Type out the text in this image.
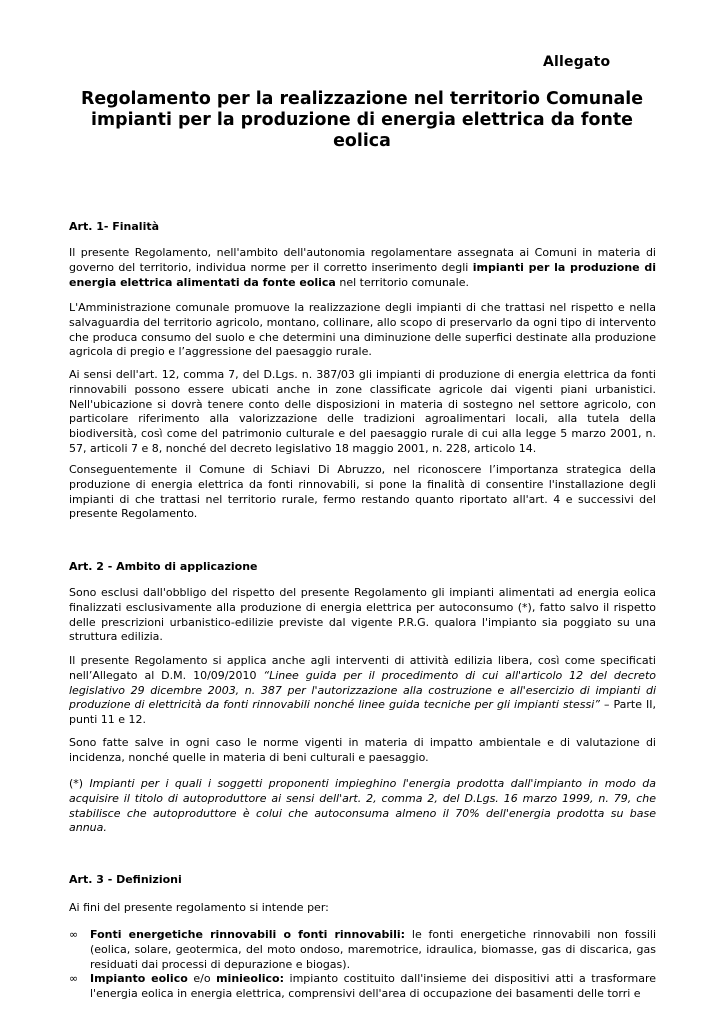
Allegato
Regolamento per la realizzazione nel territorio Comunale impianti per la produzione di energia elettrica da fonte eolica
Art. 1- Finalità

Il presente Regolamento, nell'ambito dell'autonomia regolamentare assegnata ai Comuni in materia di governo del territorio, individua norme per il corretto inserimento degli impianti per la produzione di energia elettrica alimentati da fonte eolica nel territorio comunale.

L'Amministrazione comunale promuove la realizzazione degli impianti di che trattasi nel rispetto e nella salvaguardia del territorio agricolo, montano, collinare, allo scopo di preservarlo da ogni tipo di intervento che produca consumo del suolo e che determini una diminuzione delle superfici destinate alla produzione agricola di pregio e l’aggressione del paesaggio rurale.

Ai sensi dell'art. 12, comma 7, del D.Lgs. n. 387/03 gli impianti di produzione di energia elettrica da fonti rinnovabili possono essere ubicati anche in zone classificate agricole dai vigenti piani urbanistici. Nell'ubicazione si dovrà tenere conto delle disposizioni in materia di sostegno nel settore agricolo, con particolare riferimento alla valorizzazione delle tradizioni agroalimentari locali, alla tutela della biodiversità, così come del patrimonio culturale e del paesaggio rurale di cui alla legge 5 marzo 2001, n. 57, articoli 7 e 8, nonché del decreto legislativo 18 maggio 2001, n. 228, articolo 14.

Conseguentemente il Comune di Schiavi Di Abruzzo, nel riconoscere l’importanza strategica della produzione di energia elettrica da fonti rinnovabili, si pone la finalità di consentire l'installazione degli impianti di che trattasi nel territorio rurale, fermo restando quanto riportato all'art. 4 e successivi del presente Regolamento.

Art. 2 - Ambito di applicazione

Sono esclusi dall'obbligo del rispetto del presente Regolamento gli impianti alimentati ad energia eolica finalizzati esclusivamente alla produzione di energia elettrica per autoconsumo (*), fatto salvo il rispetto delle prescrizioni urbanistico-edilizie previste dal vigente P.R.G. qualora l'impianto sia poggiato su una struttura edilizia.

Il presente Regolamento si applica anche agli interventi di attività edilizia libera, così come specificati nell’Allegato al D.M. 10/09/2010 “Linee guida per il procedimento di cui all'articolo 12 del decreto legislativo 29 dicembre 2003, n. 387 per l'autorizzazione alla costruzione e all'esercizio di impianti di produzione di elettricità da fonti rinnovabili nonché linee guida tecniche per gli impianti stessi” – Parte II, punti 11 e 12.

Sono fatte salve in ogni caso le norme vigenti in materia di impatto ambientale e di valutazione di incidenza, nonché quelle in materia di beni culturali e paesaggio.

(*) Impianti per i quali i soggetti proponenti impieghino l'energia prodotta dall'impianto in modo da acquisire il titolo di autoproduttore ai sensi dell'art. 2, comma 2, del D.Lgs. 16 marzo 1999, n. 79, che stabilisce che autoproduttore è colui che autoconsuma almeno il 70% dell'energia prodotta su base annua.

Art. 3 - Definizioni

Ai fini del presente regolamento si intende per:

∞ Fonti energetiche rinnovabili o fonti rinnovabili: le fonti energetiche rinnovabili non fossili (eolica, solare, geotermica, del moto ondoso, maremotrice, idraulica, biomasse, gas di discarica, gas residuati dai processi di depurazione e biogas).
∞ Impianto eolico e/o minieolico: impianto costituito dall'insieme dei dispositivi atti a trasformare l'energia eolica in energia elettrica, comprensivi dell'area di occupazione dei basamenti delle torri e
